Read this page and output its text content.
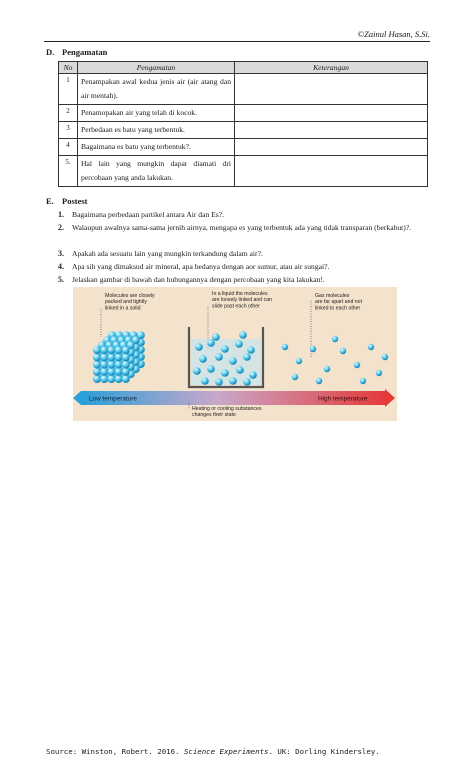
©Zainul Hasan, S.Si.
D. Pengamatan
No	Pengamatan	Keterangan
1	Penampakan awal kedua jenis air (air atang dan air mentah).	
2	Penamopakan air yang telah di kocok.	
3	Perbedaan es batu yang terbentuk.	
4	Bagaimana es batu yang terbentuk?.	
5.	Hal lain yang mungkin dapat diamati dri percobaan yang anda lakukan.	
E. Postest
1. Bagaimana perbedaan partikel antara Air dan Es?.
2. Walaupun awalnya sama-sama jernih airnya, mengapa es yang terbentuk ada yang tidak transparan (berkabut)?.
3. Apakah ada sesuatu lain yang mungkin terkandung dalam air?.
4. Apa sih yang dimaksud air mineral, apa bedanya dengan aor sumur, atau air sungai?.
5. Jelaskan gambar di bawah dan hubungannya dengan percobaan yang kita lakukan!.
Molecules are closely packed and tightly linked in a solid
In a liquid the molecules are loosely linked and can slide past each other
Gas molecules are far apart and not linked to each other
Low temperature	High temperature
Heating or cooling substances changes their state
Source: Winston, Robert. 2016. Science Experiments. UK: Dorling Kindersley.
